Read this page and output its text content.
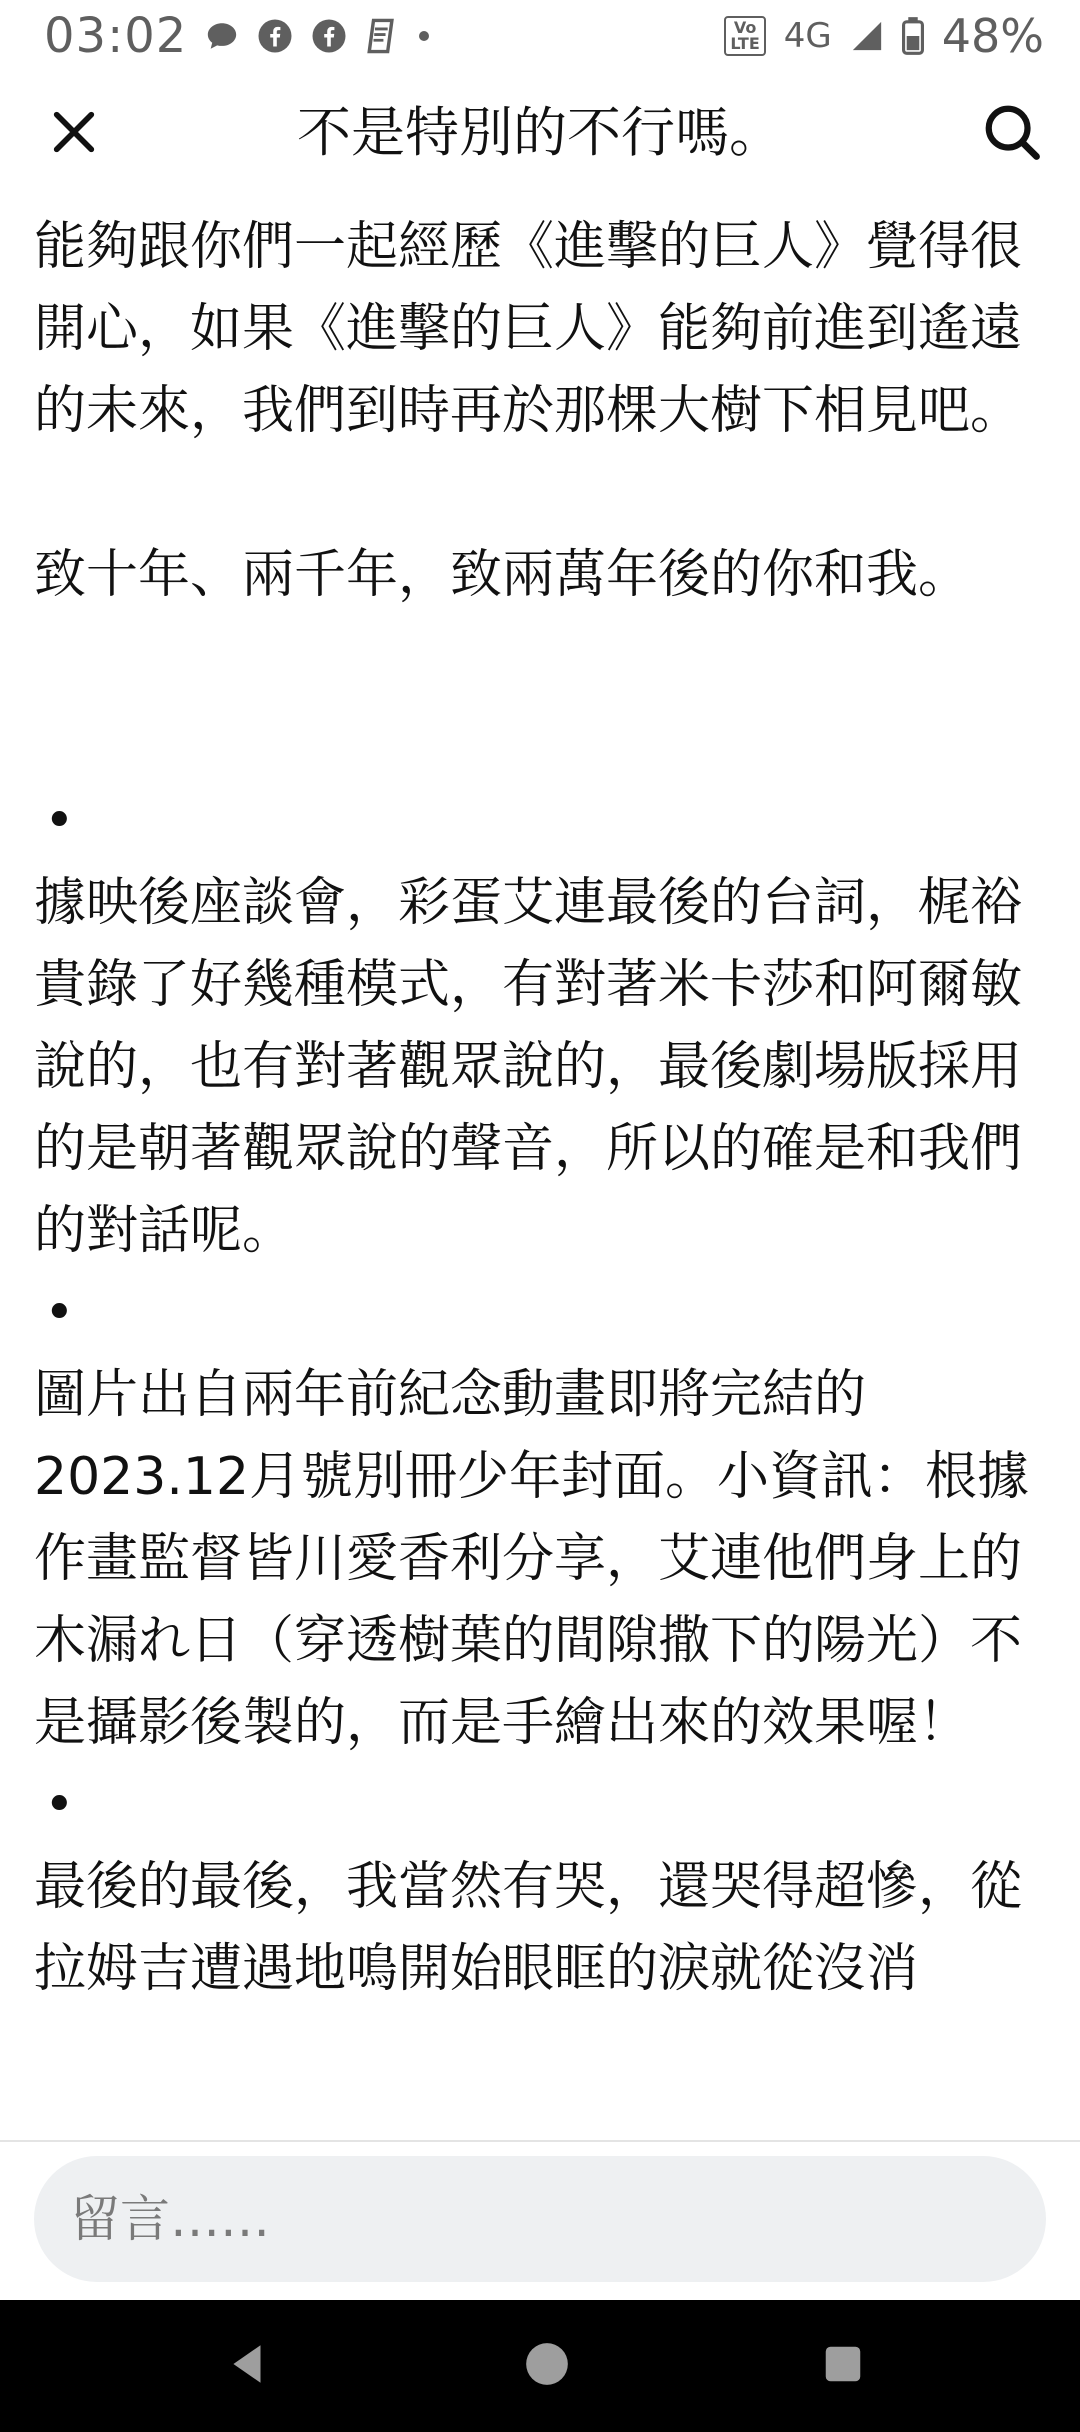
03:02	Vo
LTE 4G 48%
不是特別的不行嗎。

能夠跟你們一起經歷《進擊的巨人》覺得很開心，如果《進擊的巨人》能夠前進到遙遠的未來，我們到時再於那棵大樹下相見吧。

致十年、兩千年，致兩萬年後的你和我。

•

據映後座談會，彩蛋艾連最後的台詞，梶裕貴錄了好幾種模式，有對著米卡莎和阿爾敏說的，也有對著觀眾說的，最後劇場版採用的是朝著觀眾說的聲音，所以的確是和我們的對話呢。

•

圖片出自兩年前紀念動畫即將完結的2023.12月號別冊少年封面。小資訊：根據作畫監督皆川愛香利分享，艾連他們身上的木漏れ日（穿透樹葉的間隙撒下的陽光）不是攝影後製的，而是手繪出來的效果喔！

•

最後的最後，我當然有哭，還哭得超慘，從拉姆吉遭遇地鳴開始眼眶的淚就從沒消

留言……
